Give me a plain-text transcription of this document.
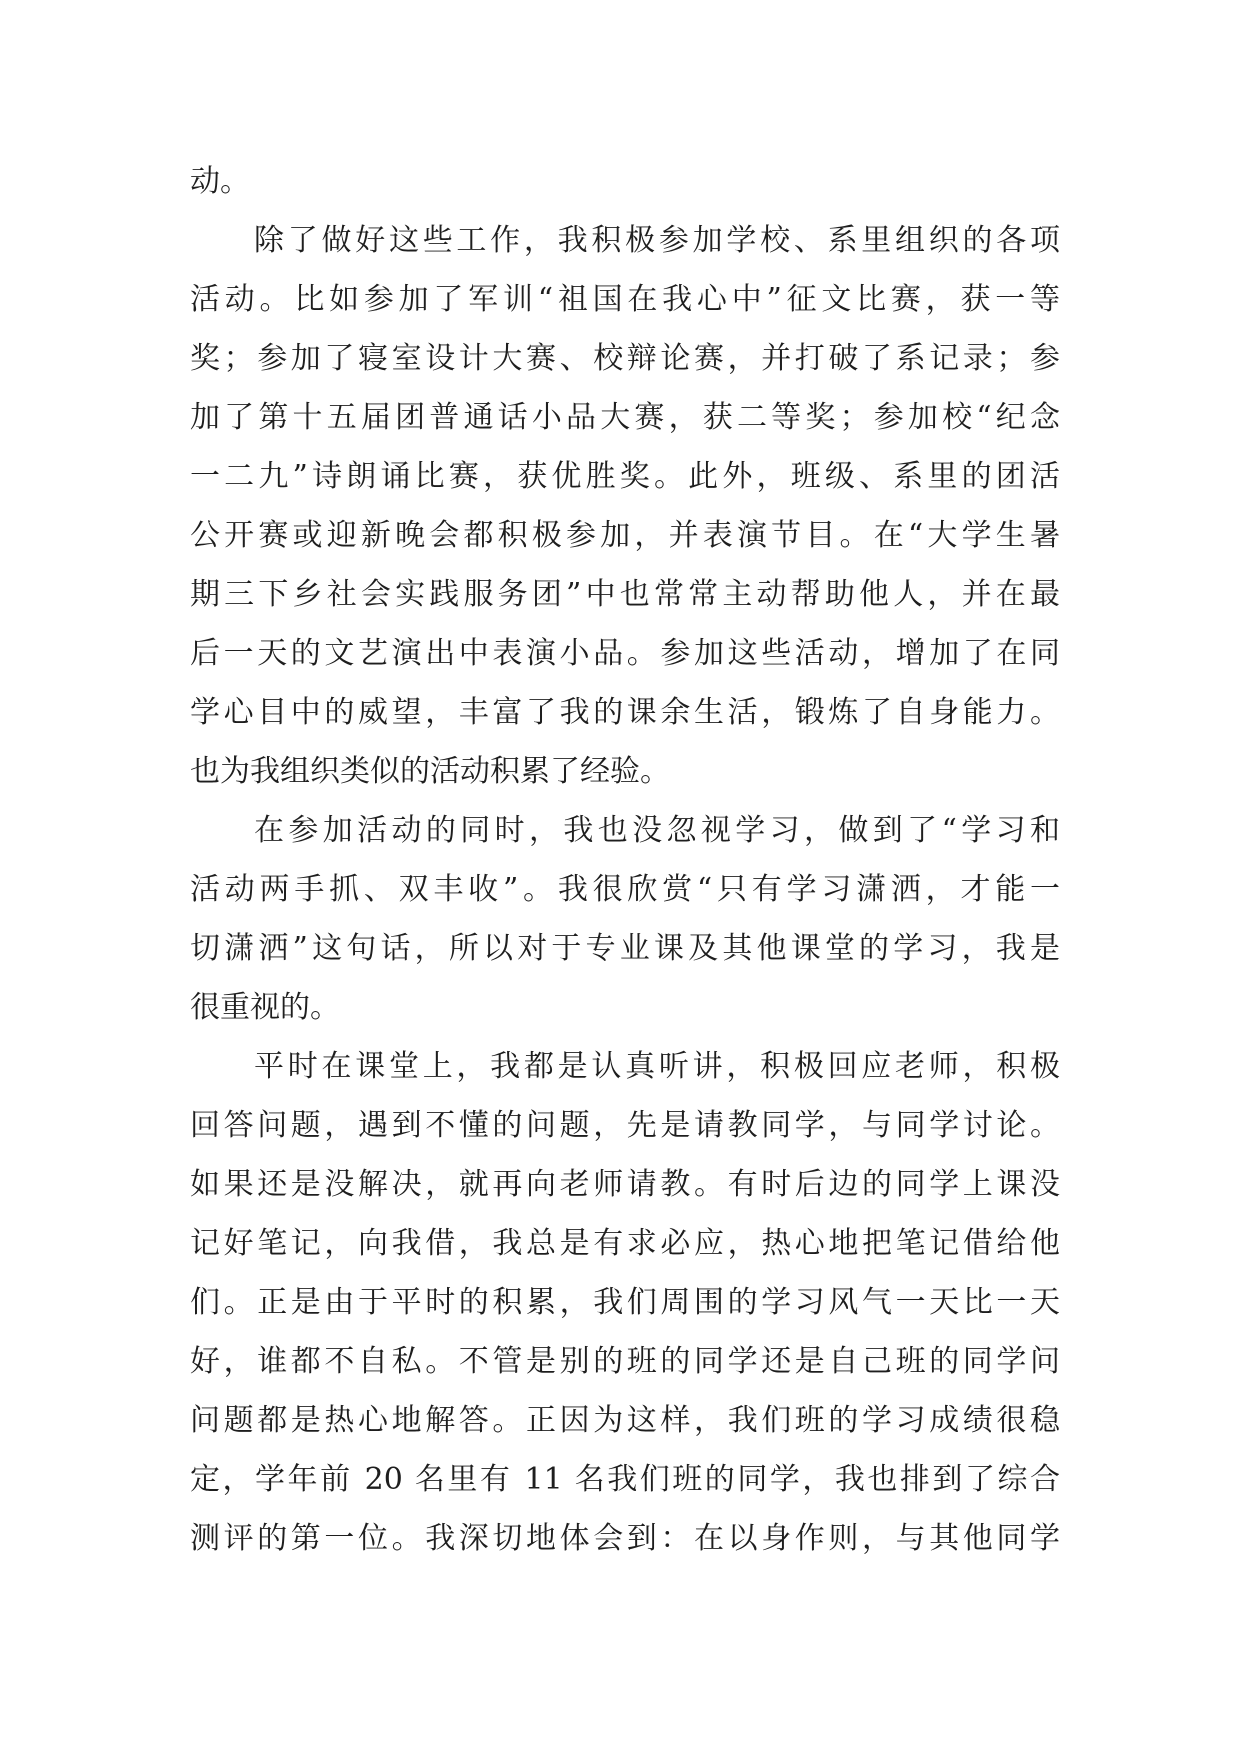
动。
除了做好这些工作，我积极参加学校、系里组织的各项
活动。比如参加了军训“祖国在我心中”征文比赛，获一等
奖；参加了寝室设计大赛、校辩论赛，并打破了系记录；参
加了第十五届团普通话小品大赛，获二等奖；参加校“纪念
一二九”诗朗诵比赛，获优胜奖。此外，班级、系里的团活
公开赛或迎新晚会都积极参加，并表演节目。在“大学生暑
期三下乡社会实践服务团”中也常常主动帮助他人，并在最
后一天的文艺演出中表演小品。参加这些活动，增加了在同
学心目中的威望，丰富了我的课余生活，锻炼了自身能力。
也为我组织类似的活动积累了经验。
在参加活动的同时，我也没忽视学习，做到了“学习和
活动两手抓、双丰收”。我很欣赏“只有学习潇洒，才能一
切潇洒”这句话，所以对于专业课及其他课堂的学习，我是
很重视的。
平时在课堂上，我都是认真听讲，积极回应老师，积极
回答问题，遇到不懂的问题，先是请教同学，与同学讨论。
如果还是没解决，就再向老师请教。有时后边的同学上课没
记好笔记，向我借，我总是有求必应，热心地把笔记借给他
们。正是由于平时的积累，我们周围的学习风气一天比一天
好，谁都不自私。不管是别的班的同学还是自己班的同学问
问题都是热心地解答。正因为这样，我们班的学习成绩很稳
定，学年前 20 名里有 11 名我们班的同学，我也排到了综合
测评的第一位。我深切地体会到：在以身作则，与其他同学
